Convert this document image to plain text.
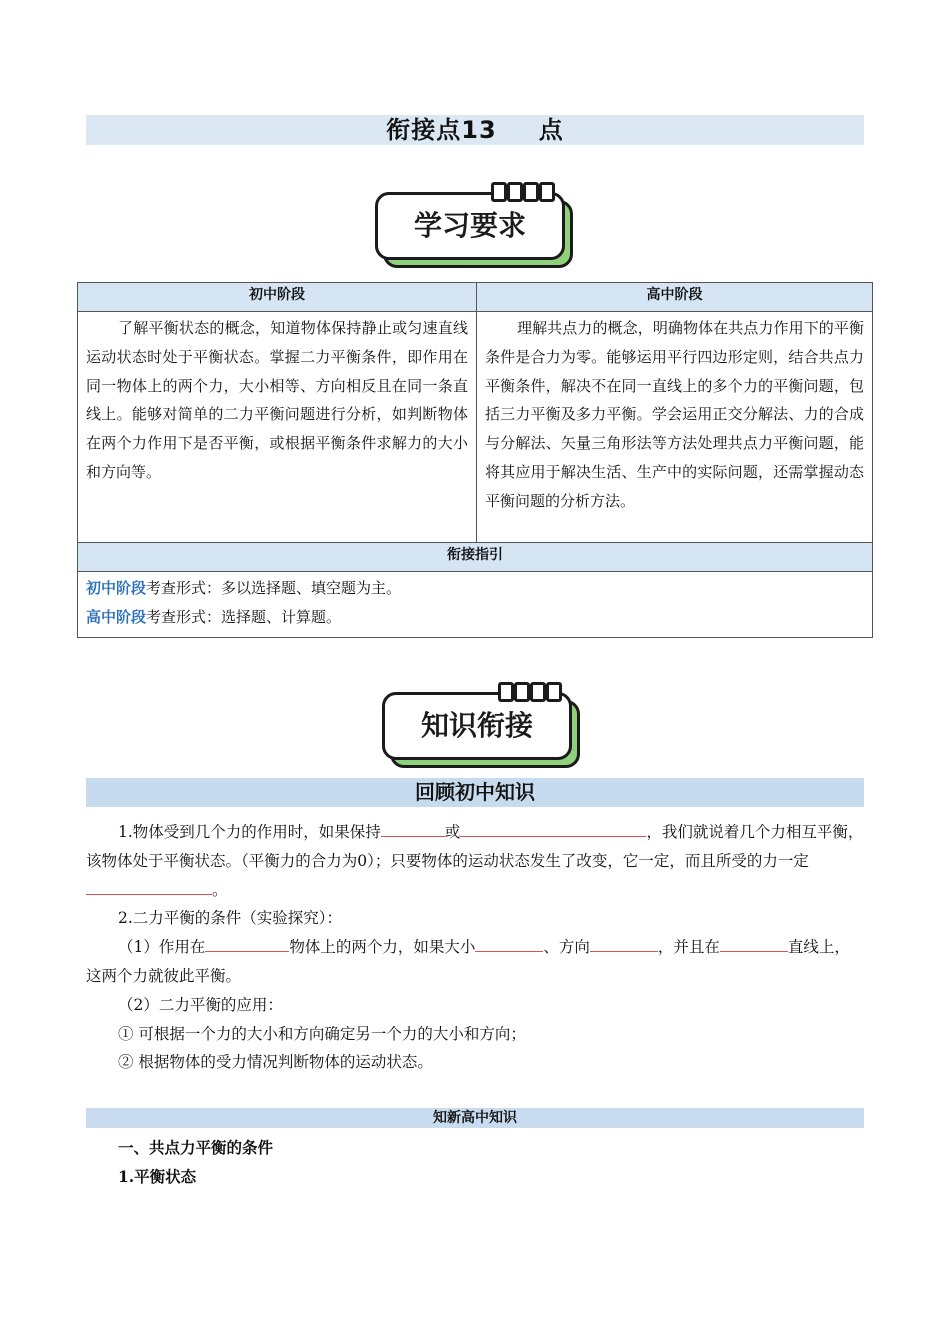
衔接点13 点
学习要求
初中阶段	高中阶段
了解平衡状态的概念，知道物体保持静止或匀速直线运动状态时处于平衡状态。掌握二力平衡条件，即作用在同一物体上的两个力，大小相等、方向相反且在同一条直线上。能够对简单的二力平衡问题进行分析，如判断物体在两个力作用下是否平衡，或根据平衡条件求解力的大小和方向等。	理解共点力的概念，明确物体在共点力作用下的平衡条件是合力为零。能够运用平行四边形定则，结合共点力平衡条件，解决不在同一直线上的多个力的平衡问题，包括三力平衡及多力平衡。学会运用正交分解法、力的合成与分解法、矢量三角形法等方法处理共点力平衡问题，能将其应用于解决生活、生产中的实际问题，还需掌握动态平衡问题的分析方法。
衔接指引	

初中阶段考查形式：多以选择题、填空题为主。
高中阶段考查形式：选择题、计算题。	
知识衔接
回顾初中知识

1.物体受到几个力的作用时，如果保持	或	，我们就说着几个力相互平衡，该物体处于平衡状态。（平衡力的合力为0）；只要物体的运动状态发生了改变，它一定，而且所受的力一定。

2.二力平衡的条件（实验探究）：

（1）作用在	物体上的两个力，如果大小	、方向	，并且在	直线上，这两个力就彼此平衡。

（2）二力平衡的应用：

① 可根据一个力的大小和方向确定另一个力的大小和方向；

② 根据物体的受力情况判断物体的运动状态。

知新高中知识

一、共点力平衡的条件

1.平衡状态
